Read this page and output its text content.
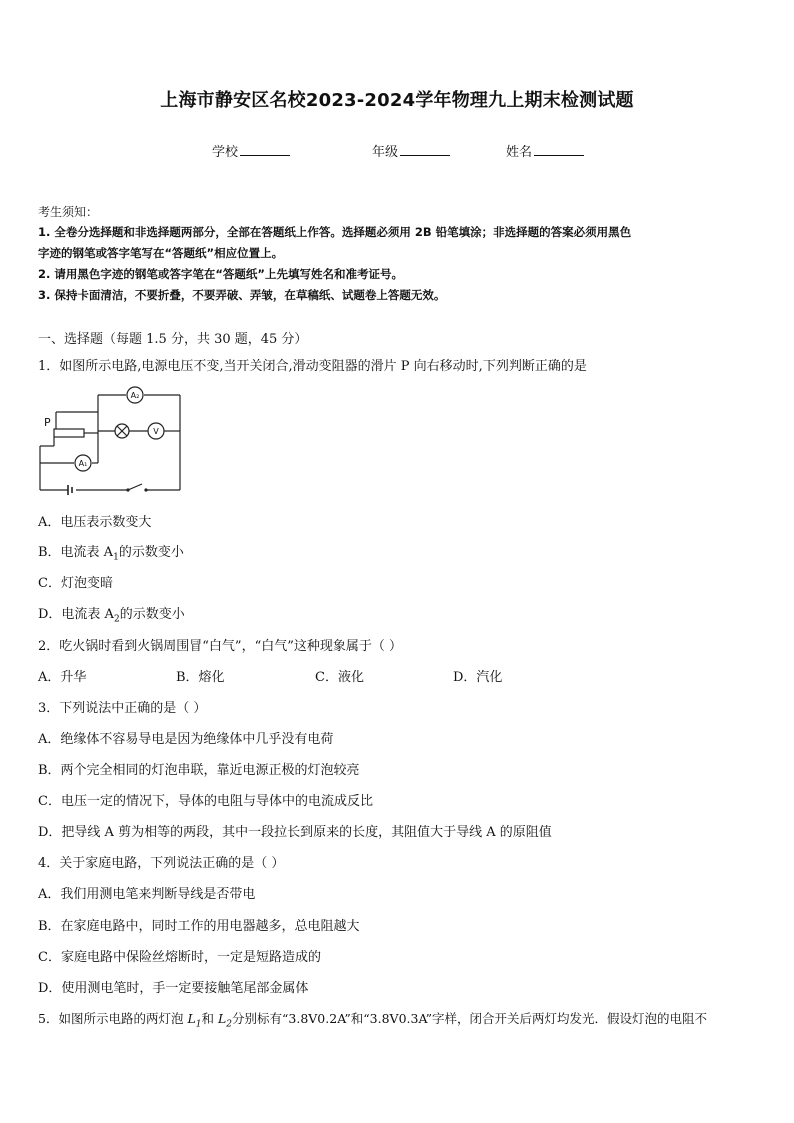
上海市静安区名校2023-2024学年物理九上期末检测试题
学校	年级	姓名
考生须知：
1. 全卷分选择题和非选择题两部分，全部在答题纸上作答。选择题必须用 2B 铅笔填涂；非选择题的答案必须用黑色
字迹的钢笔或答字笔写在“答题纸”相应位置上。
2. 请用黑色字迹的钢笔或答字笔在“答题纸”上先填写姓名和准考证号。
3. 保持卡面清洁，不要折叠，不要弄破、弄皱，在草稿纸、试题卷上答题无效。
一、选择题（每题 1.5 分，共 30 题，45 分）
1．如图所示电路,电源电压不变,当开关闭合,滑动变阻器的滑片 P 向右移动时,下列判断正确的是
P
A₂
V
A₁
A．电压表示数变大
B．电流表 $A_1$的示数变小
C．灯泡变暗
D．电流表 $A_2$的示数变小
2．吃火锅时看到火锅周围冒“白气”，“白气”这种现象属于（ ）
A．升华	B．熔化	C．液化	D．汽化
3．下列说法中正确的是（ ）
A．绝缘体不容易导电是因为绝缘体中几乎没有电荷
B．两个完全相同的灯泡串联，靠近电源正极的灯泡较亮
C．电压一定的情况下，导体的电阻与导体中的电流成反比
D．把导线 A 剪为相等的两段，其中一段拉长到原来的长度，其阻值大于导线 A 的原阻值
4．关于家庭电路，下列说法正确的是（ ）
A．我们用测电笔来判断导线是否带电
B．在家庭电路中，同时工作的用电器越多，总电阻越大
C．家庭电路中保险丝熔断时，一定是短路造成的
D．使用测电笔时，手一定要接触笔尾部金属体
5．如图所示电路的两灯泡 $L_1$和 $L_2$分别标有“3.8V0.2A”和“3.8V0.3A”字样，闭合开关后两灯均发光．假设灯泡的电阻不
